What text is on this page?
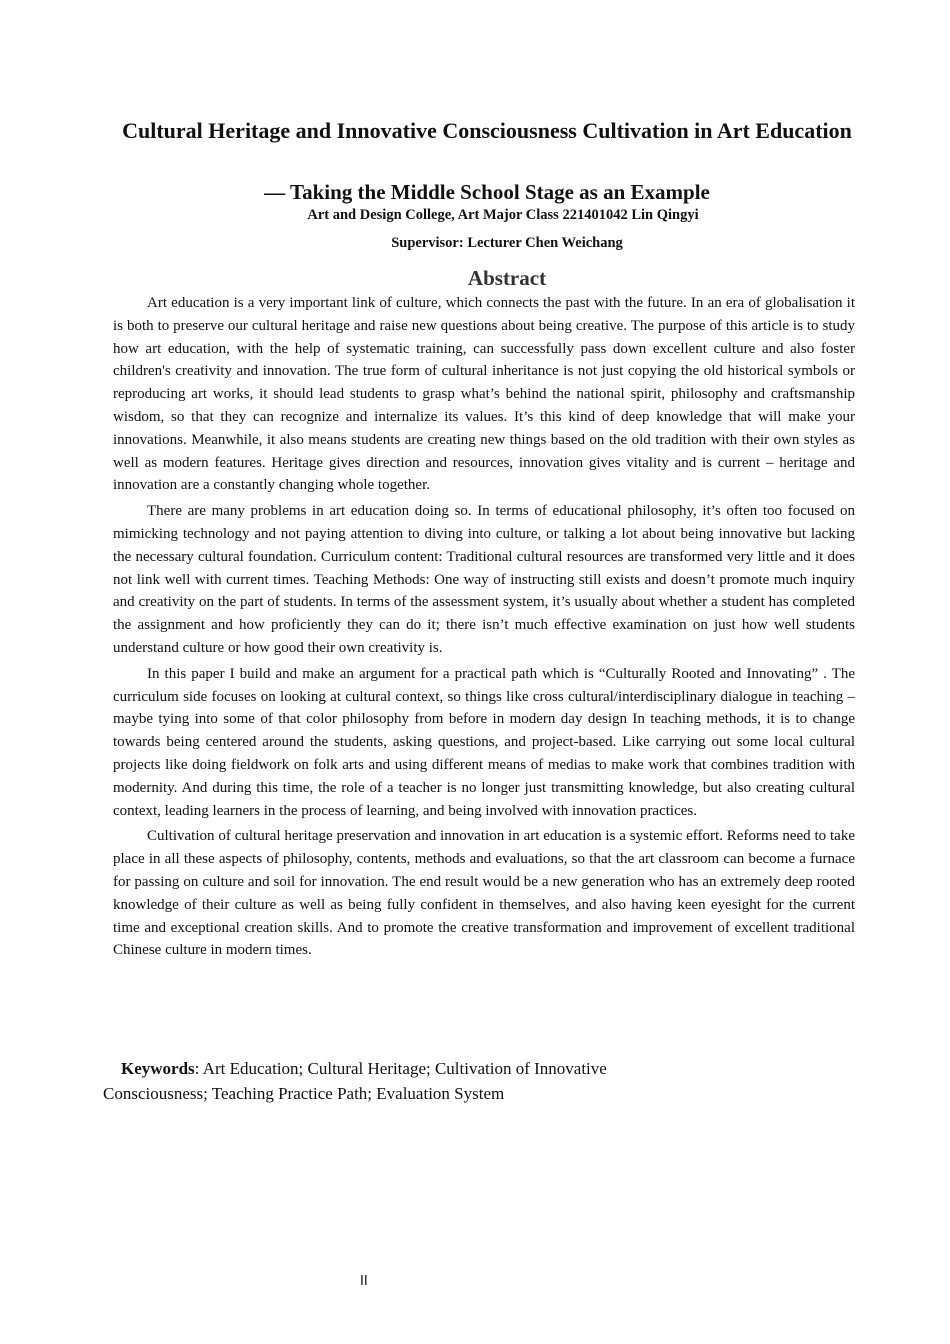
Cultural Heritage and Innovative Consciousness Cultivation in Art Education
— Taking the Middle School Stage as an Example
Art and Design College, Art Major Class 221401042 Lin Qingyi
Supervisor: Lecturer Chen Weichang
Abstract

Art education is a very important link of culture, which connects the past with the future. In an era of globalisation it is both to preserve our cultural heritage and raise new questions about being creative. The purpose of this article is to study how art education, with the help of systematic training, can successfully pass down excellent culture and also foster children's creativity and innovation. The true form of cultural inheritance is not just copying the old historical symbols or reproducing art works, it should lead students to grasp what’s behind the national spirit, philosophy and craftsmanship wisdom, so that they can recognize and internalize its values. It’s this kind of deep knowledge that will make your innovations. Meanwhile, it also means students are creating new things based on the old tradition with their own styles as well as modern features. Heritage gives direction and resources, innovation gives vitality and is current – heritage and innovation are a constantly changing whole together.

There are many problems in art education doing so. In terms of educational philosophy, it’s often too focused on mimicking technology and not paying attention to diving into culture, or talking a lot about being innovative but lacking the necessary cultural foundation. Curriculum content: Traditional cultural resources are transformed very little and it does not link well with current times. Teaching Methods: One way of instructing still exists and doesn’t promote much inquiry and creativity on the part of students. In terms of the assessment system, it’s usually about whether a student has completed the assignment and how proficiently they can do it; there isn’t much effective examination on just how well students understand culture or how good their own creativity is.

In this paper I build and make an argument for a practical path which is “Culturally Rooted and Innovating” . The curriculum side focuses on looking at cultural context, so things like cross cultural/interdisciplinary dialogue in teaching – maybe tying into some of that color philosophy from before in modern day design In teaching methods, it is to change towards being centered around the students, asking questions, and project-based. Like carrying out some local cultural projects like doing fieldwork on folk arts and using different means of medias to make work that combines tradition with modernity. And during this time, the role of a teacher is no longer just transmitting knowledge, but also creating cultural context, leading learners in the process of learning, and being involved with innovation practices.

Cultivation of cultural heritage preservation and innovation in art education is a systemic effort. Reforms need to take place in all these aspects of philosophy, contents, methods and evaluations, so that the art classroom can become a furnace for passing on culture and soil for innovation. The end result would be a new generation who has an extremely deep rooted knowledge of their culture as well as being fully confident in themselves, and also having keen eyesight for the current time and exceptional creation skills. And to promote the creative transformation and improvement of excellent traditional Chinese culture in modern times.

Keywords: Art Education; Cultural Heritage; Cultivation of Innovative Consciousness; Teaching Practice Path; Evaluation System

II
